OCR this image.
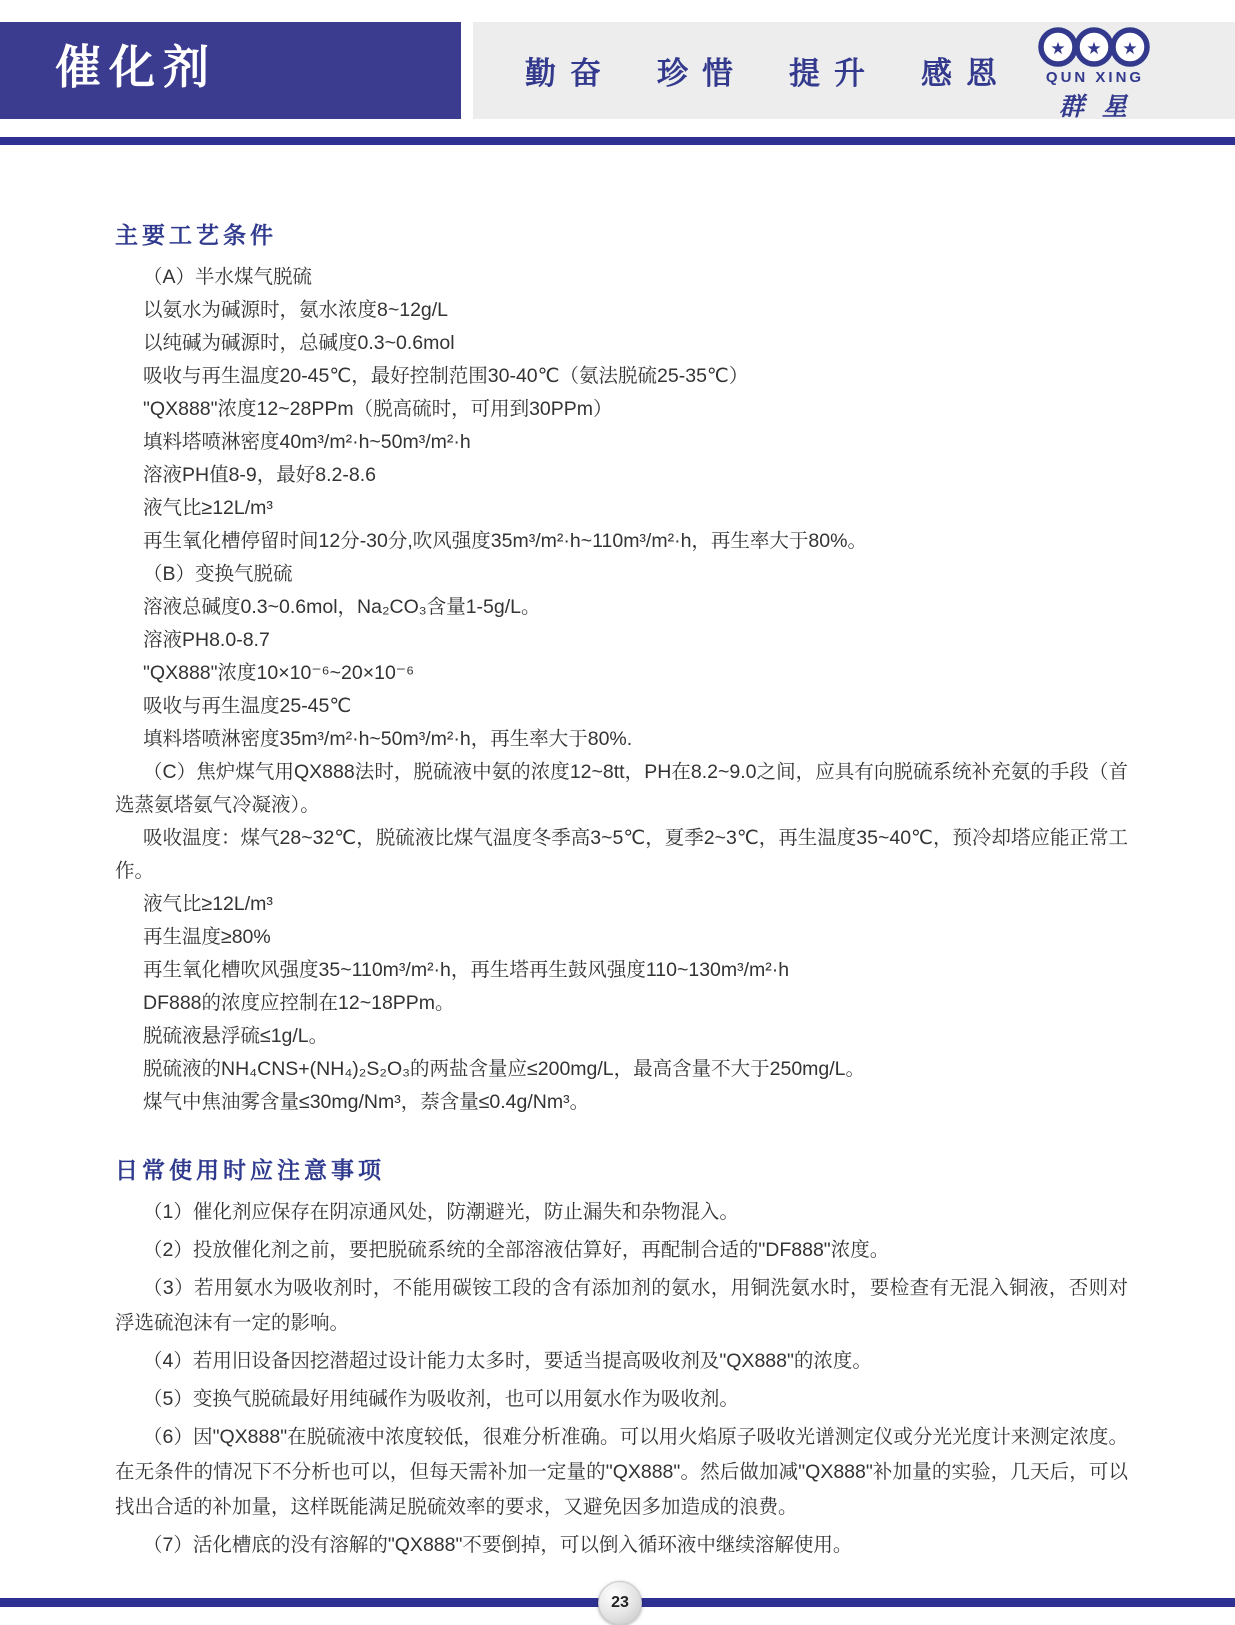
催化剂	勤奋 珍惜 提升 感恩
★ ★ ★
QUN XING
群星
主要工艺条件

（A）半水煤气脱硫

以氨水为碱源时，氨水浓度8~12g/L

以纯碱为碱源时，总碱度0.3~0.6mol

吸收与再生温度20-45℃，最好控制范围30-40℃（氨法脱硫25-35℃）

"QX888"浓度12~28PPm（脱高硫时，可用到30PPm）

填料塔喷淋密度40m³/m²·h~50m³/m²·h

溶液PH值8-9，最好8.2-8.6

液气比≥12L/m³

再生氧化槽停留时间12分-30分,吹风强度35m³/m²·h~110m³/m²·h，再生率大于80%。

（B）变换气脱硫

溶液总碱度0.3~0.6mol，Na₂CO₃含量1-5g/L。

溶液PH8.0-8.7

"QX888"浓度10×10⁻⁶~20×10⁻⁶

吸收与再生温度25-45℃

填料塔喷淋密度35m³/m²·h~50m³/m²·h，再生率大于80%.

（C）焦炉煤气用QX888法时，脱硫液中氨的浓度12~8tt，PH在8.2~9.0之间，应具有向脱硫系统补充氨的手段（首选蒸氨塔氨气冷凝液）。

吸收温度：煤气28~32℃，脱硫液比煤气温度冬季高3~5℃，夏季2~3℃，再生温度35~40℃，预冷却塔应能正常工作。

液气比≥12L/m³

再生温度≥80%

再生氧化槽吹风强度35~110m³/m²·h，再生塔再生鼓风强度110~130m³/m²·h

DF888的浓度应控制在12~18PPm。

脱硫液悬浮硫≤1g/L。

脱硫液的NH₄CNS+(NH₄)₂S₂O₃的两盐含量应≤200mg/L，最高含量不大于250mg/L。

煤气中焦油雾含量≤30mg/Nm³，萘含量≤0.4g/Nm³。

日常使用时应注意事项

（1）催化剂应保存在阴凉通风处，防潮避光，防止漏失和杂物混入。

（2）投放催化剂之前，要把脱硫系统的全部溶液估算好，再配制合适的"DF888"浓度。

（3）若用氨水为吸收剂时，不能用碳铵工段的含有添加剂的氨水，用铜洗氨水时，要检查有无混入铜液，否则对浮选硫泡沫有一定的影响。

（4）若用旧设备因挖潜超过设计能力太多时，要适当提高吸收剂及"QX888"的浓度。

（5）变换气脱硫最好用纯碱作为吸收剂，也可以用氨水作为吸收剂。

（6）因"QX888"在脱硫液中浓度较低，很难分析准确。可以用火焰原子吸收光谱测定仪或分光光度计来测定浓度。在无条件的情况下不分析也可以，但每天需补加一定量的"QX888"。然后做加减"QX888"补加量的实验，几天后，可以找出合适的补加量，这样既能满足脱硫效率的要求，又避免因多加造成的浪费。

（7）活化槽底的没有溶解的"QX888"不要倒掉，可以倒入循环液中继续溶解使用。

23
